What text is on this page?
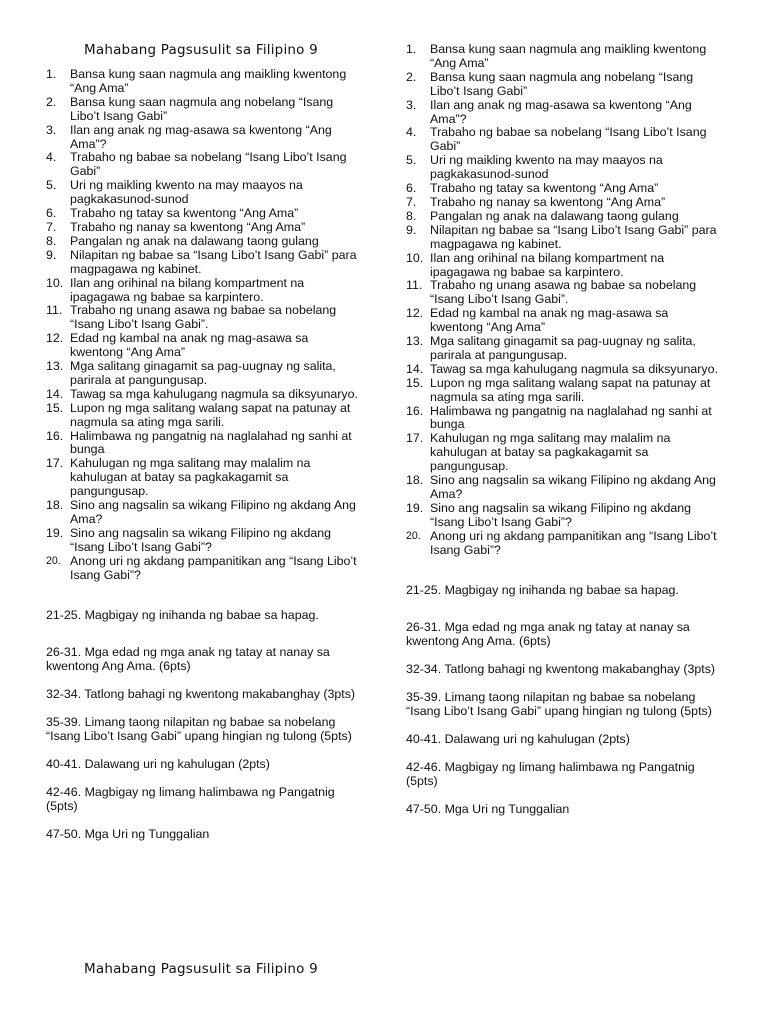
Mahabang Pagsusulit sa Filipino 9
1. Bansa kung saan nagmula ang maikling kwentong “Ang Ama”
2. Bansa kung saan nagmula ang nobelang “Isang Libo’t Isang Gabi”
3. Ilan ang anak ng mag-asawa sa kwentong “Ang Ama”?
4. Trabaho ng babae sa nobelang “Isang Libo’t Isang Gabi”
5. Uri ng maikling kwento na may maayos na pagkakasunod-sunod
6. Trabaho ng tatay sa kwentong “Ang Ama”
7. Trabaho ng nanay sa kwentong “Ang Ama”
8. Pangalan ng anak na dalawang taong gulang
9. Nilapitan ng babae sa “Isang Libo’t Isang Gabi” para magpagawa ng kabinet.
10. Ilan ang orihinal na bilang kompartment na ipagagawa ng babae sa karpintero.
11. Trabaho ng unang asawa ng babae sa nobelang “Isang Libo’t Isang Gabi”.
12. Edad ng kambal na anak ng mag-asawa sa kwentong “Ang Ama”
13. Mga salitang ginagamit sa pag-uugnay ng salita, parirala at pangungusap.
14. Tawag sa mga kahulugang nagmula sa diksyunaryo.
15. Lupon ng mga salitang walang sapat na patunay at nagmula sa ating mga sarili.
16. Halimbawa ng pangatnig na naglalahad ng sanhi at bunga
17. Kahulugan ng mga salitang may malalim na kahulugan at batay sa pagkakagamit sa pangungusap.
18. Sino ang nagsalin sa wikang Filipino ng akdang Ang Ama?
19. Sino ang nagsalin sa wikang Filipino ng akdang “Isang Libo’t Isang Gabi”?
20. Anong uri ng akdang pampanitikan ang “Isang Libo’t Isang Gabi”?

21-25. Magbigay ng inihanda ng babae sa hapag.

26-31. Mga edad ng mga anak ng tatay at nanay sa kwentong Ang Ama. (6pts)

32-34. Tatlong bahagi ng kwentong makabanghay (3pts)

35-39. Limang taong nilapitan ng babae sa nobelang “Isang Libo’t Isang Gabi” upang hingian ng tulong (5pts)

40-41. Dalawang uri ng kahulugan (2pts)

42-46. Magbigay ng limang halimbawa ng Pangatnig (5pts)

47-50. Mga Uri ng Tunggalian

1. Bansa kung saan nagmula ang maikling kwentong “Ang Ama”
2. Bansa kung saan nagmula ang nobelang “Isang Libo’t Isang Gabi”
3. Ilan ang anak ng mag-asawa sa kwentong “Ang Ama”?
4. Trabaho ng babae sa nobelang “Isang Libo’t Isang Gabi”
5. Uri ng maikling kwento na may maayos na pagkakasunod-sunod
6. Trabaho ng tatay sa kwentong “Ang Ama”
7. Trabaho ng nanay sa kwentong “Ang Ama”
8. Pangalan ng anak na dalawang taong gulang
9. Nilapitan ng babae sa “Isang Libo’t Isang Gabi” para magpagawa ng kabinet.
10. Ilan ang orihinal na bilang kompartment na ipagagawa ng babae sa karpintero.
11. Trabaho ng unang asawa ng babae sa nobelang “Isang Libo’t Isang Gabi”.
12. Edad ng kambal na anak ng mag-asawa sa kwentong “Ang Ama”
13. Mga salitang ginagamit sa pag-uugnay ng salita, parirala at pangungusap.
14. Tawag sa mga kahulugang nagmula sa diksyunaryo.
15. Lupon ng mga salitang walang sapat na patunay at nagmula sa ating mga sarili.
16. Halimbawa ng pangatnig na naglalahad ng sanhi at bunga
17. Kahulugan ng mga salitang may malalim na kahulugan at batay sa pagkakagamit sa pangungusap.
18. Sino ang nagsalin sa wikang Filipino ng akdang Ang Ama?
19. Sino ang nagsalin sa wikang Filipino ng akdang “Isang Libo’t Isang Gabi”?
20. Anong uri ng akdang pampanitikan ang “Isang Libo’t Isang Gabi”?

21-25. Magbigay ng inihanda ng babae sa hapag.

26-31. Mga edad ng mga anak ng tatay at nanay sa kwentong Ang Ama. (6pts)

32-34. Tatlong bahagi ng kwentong makabanghay (3pts)

35-39. Limang taong nilapitan ng babae sa nobelang “Isang Libo’t Isang Gabi” upang hingian ng tulong (5pts)

40-41. Dalawang uri ng kahulugan (2pts)

42-46. Magbigay ng limang halimbawa ng Pangatnig (5pts)

47-50. Mga Uri ng Tunggalian

Mahabang Pagsusulit sa Filipino 9
